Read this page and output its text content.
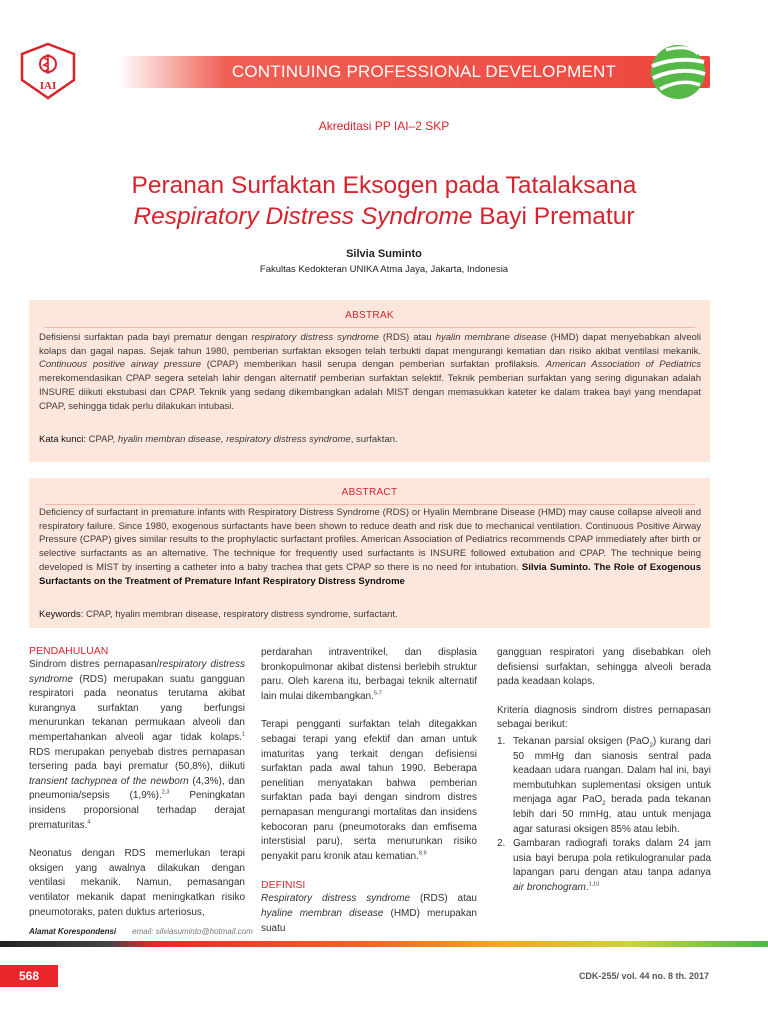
IAI
CONTINUING PROFESSIONAL DEVELOPMENT
Akreditasi PP IAI–2 SKP
Peranan Surfaktan Eksogen pada Tatalaksana
Respiratory Distress Syndrome Bayi Prematur
Silvia Suminto
Fakultas Kedokteran UNIKA Atma Jaya, Jakarta, Indonesia
ABSTRAK
Defisiensi surfaktan pada bayi prematur dengan respiratory distress syndrome (RDS) atau hyalin membrane disease (HMD) dapat menyebabkan alveoli kolaps dan gagal napas. Sejak tahun 1980, pemberian surfaktan eksogen telah terbukti dapat mengurangi kematian dan risiko akibat ventilasi mekanik. Continuous positive airway pressure (CPAP) memberikan hasil serupa dengan pemberian surfaktan profilaksis. American Association of Pediatrics merekomendasikan CPAP segera setelah lahir dengan alternatif pemberian surfaktan selektif. Teknik pemberian surfaktan yang sering digunakan adalah INSURE diikuti ekstubasi dan CPAP. Teknik yang sedang dikembangkan adalah MIST dengan memasukkan kateter ke dalam trakea bayi yang mendapat CPAP, sehingga tidak perlu dilakukan intubasi.
Kata kunci: CPAP, hyalin membran disease, respiratory distress syndrome, surfaktan.
ABSTRACT
Deficiency of surfactant in premature infants with Respiratory Distress Syndrome (RDS) or Hyalin Membrane Disease (HMD) may cause collapse alveoli and respiratory failure. Since 1980, exogenous surfactants have been shown to reduce death and risk due to mechanical ventilation. Continuous Positive Airway Pressure (CPAP) gives similar results to the prophylactic surfactant profiles. American Association of Pediatrics recommends CPAP immediately after birth or selective surfactants as an alternative. The technique for frequently used surfactants is INSURE followed extubation and CPAP. The technique being developed is MIST by inserting a catheter into a baby trachea that gets CPAP so there is no need for intubation. Silvia Suminto. The Role of Exogenous Surfactants on the Treatment of Premature Infant Respiratory Distress Syndrome
Keywords: CPAP, hyalin membran disease, respiratory distress syndrome, surfactant.
PENDAHULUAN
Sindrom distres pernapasan/respiratory distress syndrome (RDS) merupakan suatu gangguan respiratori pada neonatus terutama akibat kurangnya surfaktan yang berfungsi menurunkan tekanan permukaan alveoli dan mempertahankan alveoli agar tidak kolaps.$^1$ RDS merupakan penyebab distres pernapasan tersering pada bayi prematur (50,8%), diikuti transient tachypnea of the newborn (4,3%), dan pneumonia/sepsis (1,9%).$^{2,3}$ Peningkatan insidens proporsional terhadap derajat prematuritas.$^4$
Neonatus dengan RDS memerlukan terapi oksigen yang awalnya dilakukan dengan ventilasi mekanik. Namun, pemasangan ventilator mekanik dapat meningkatkan risiko pneumotoraks, paten duktus arteriosus,
perdarahan intraventrikel, dan displasia bronkopulmonar akibat distensi berlebih struktur paru. Oleh karena itu, berbagai teknik alternatif lain mulai dikembangkan.$^{5-7}$
Terapi pengganti surfaktan telah ditegakkan sebagai terapi yang efektif dan aman untuk imaturitas yang terkait dengan defisiensi surfaktan pada awal tahun 1990. Beberapa penelitian menyatakan bahwa pemberian surfaktan pada bayi dengan sindrom distres pernapasan mengurangi mortalitas dan insidens kebocoran paru (pneumotoraks dan emfisema interstisial paru), serta menurunkan risiko penyakit paru kronik atau kematian.$^{8,9}$
DEFINISI
Respiratory distress syndrome (RDS) atau hyaline membran disease (HMD) merupakan suatu
gangguan respiratori yang disebabkan oleh defisiensi surfaktan, sehingga alveoli berada pada keadaan kolaps.
Kriteria diagnosis sindrom distres pernapasan sebagai berikut:
1. Tekanan parsial oksigen (PaO$_2$) kurang dari 50 mmHg dan sianosis sentral pada keadaan udara ruangan. Dalam hal ini, bayi membutuhkan suplementasi oksigen untuk menjaga agar PaO$_2$ berada pada tekanan lebih dari 50 mmHg, atau untuk menjaga agar saturasi oksigen 85% atau lebih.
2. Gambaran radiografi toraks dalam 24 jam usia bayi berupa pola retikulogranular pada lapangan paru dengan atau tanpa adanya air bronchogram.$^{1,10}$
Alamat Korespondensi email: silviasuminto@hotmail.com
568	CDK-255/ vol. 44 no. 8 th. 2017
